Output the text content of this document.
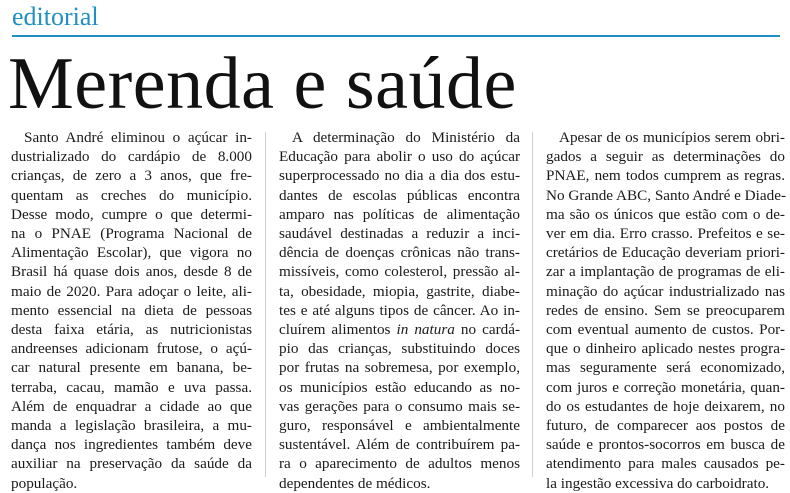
editorial
Merenda e saúde
Santo André eliminou o açúcar in-
dustrializado do cardápio de 8.000
crianças, de zero a 3 anos, que fre-
quentam as creches do município.
Desse modo, cumpre o que determi-
na o PNAE (Programa Nacional de
Alimentação Escolar), que vigora no
Brasil há quase dois anos, desde 8 de
maio de 2020. Para adoçar o leite, ali-
mento essencial na dieta de pessoas
desta faixa etária, as nutricionistas
andreenses adicionam frutose, o açú-
car natural presente em banana, be-
terraba, cacau, mamão e uva passa.
Além de enquadrar a cidade ao que
manda a legislação brasileira, a mu-
dança nos ingredientes também deve
auxiliar na preservação da saúde da
população.
A determinação do Ministério da
Educação para abolir o uso do açúcar
superprocessado no dia a dia dos estu-
dantes de escolas públicas encontra
amparo nas políticas de alimentação
saudável destinadas a reduzir a inci-
dência de doenças crônicas não trans-
missíveis, como colesterol, pressão al-
ta, obesidade, miopia, gastrite, diabe-
tes e até alguns tipos de câncer. Ao in-
cluírem alimentos in natura no cardá-
pio das crianças, substituindo doces
por frutas na sobremesa, por exemplo,
os municípios estão educando as no-
vas gerações para o consumo mais se-
guro, responsável e ambientalmente
sustentável. Além de contribuírem pa-
ra o aparecimento de adultos menos
dependentes de médicos.
Apesar de os municípios serem obri-
gados a seguir as determinações do
PNAE, nem todos cumprem as regras.
No Grande ABC, Santo André e Diade-
ma são os únicos que estão com o de-
ver em dia. Erro crasso. Prefeitos e se-
cretários de Educação deveriam priori-
zar a implantação de programas de eli-
minação do açúcar industrializado nas
redes de ensino. Sem se preocuparem
com eventual aumento de custos. Por-
que o dinheiro aplicado nestes progra-
mas seguramente será economizado,
com juros e correção monetária, quan-
do os estudantes de hoje deixarem, no
futuro, de comparecer aos postos de
saúde e prontos-socorros em busca de
atendimento para males causados pe-
la ingestão excessiva do carboidrato.
